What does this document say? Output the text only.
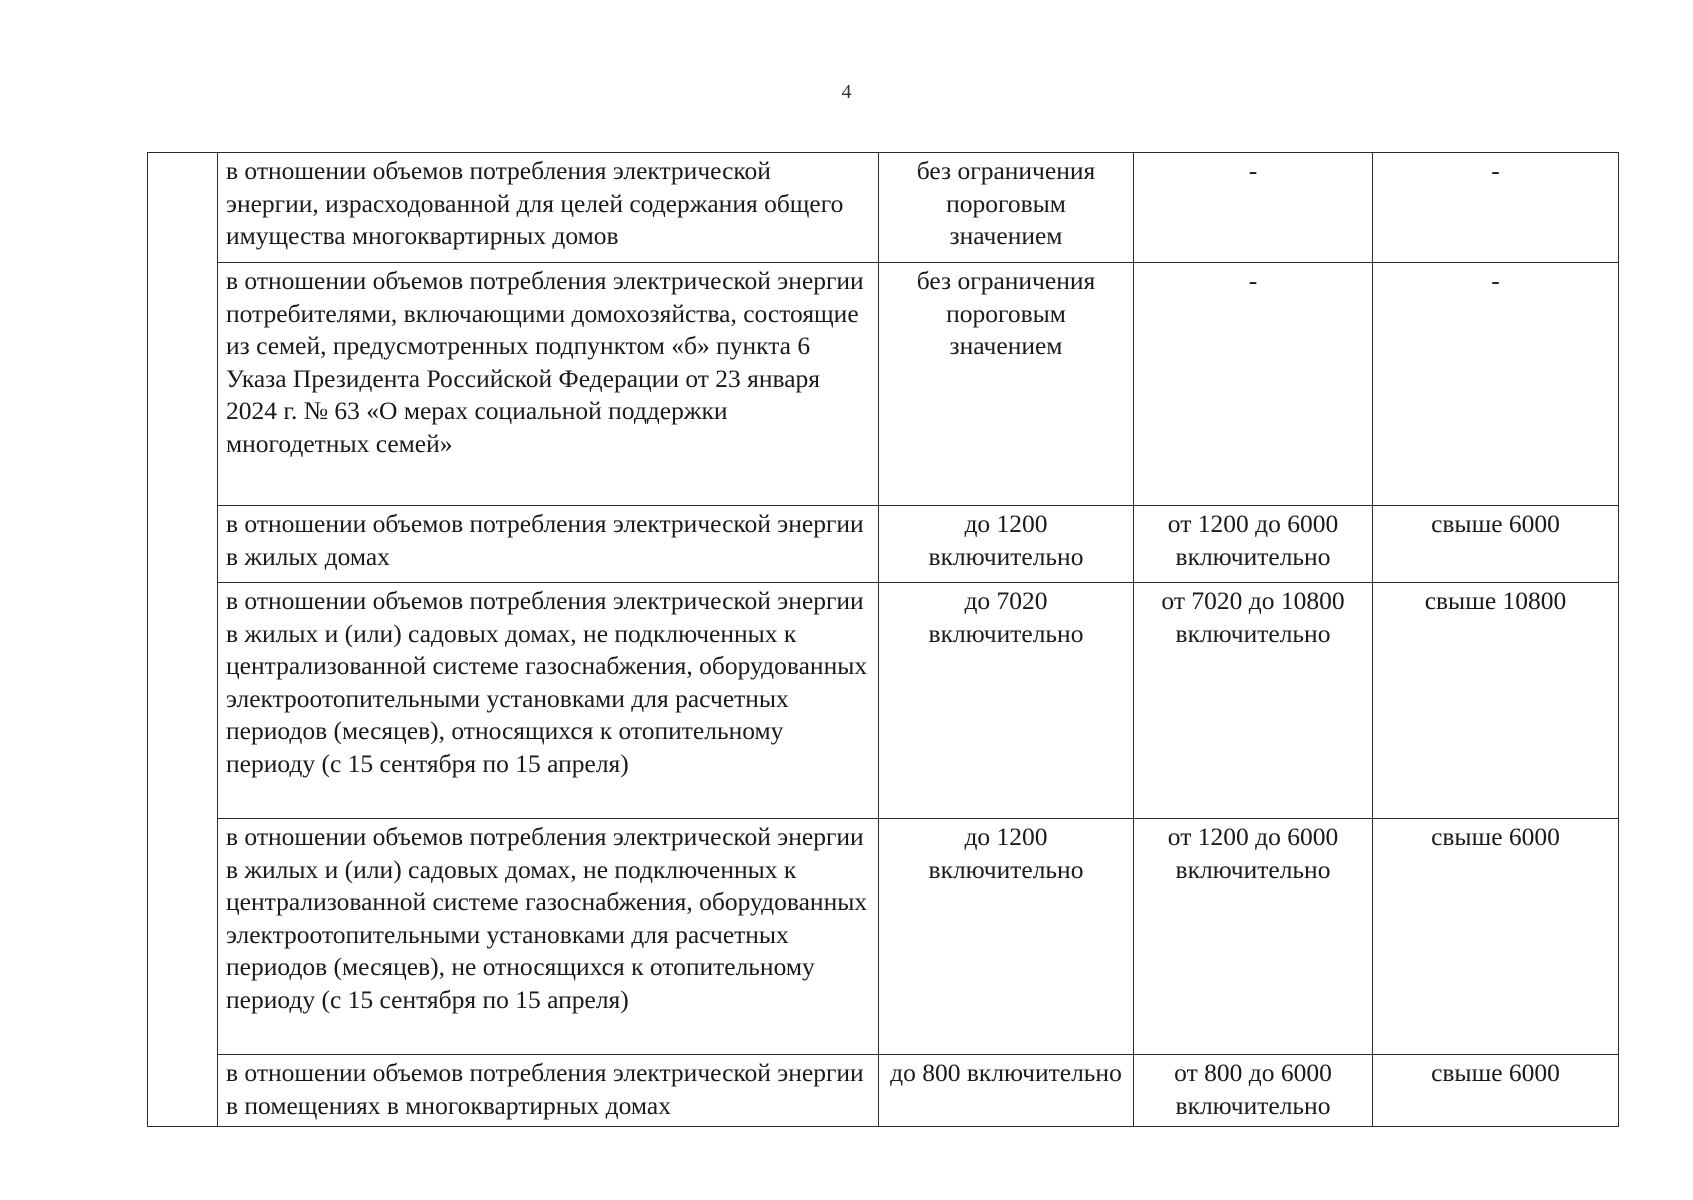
4
	в отношении объемов потребления электрической энергии, израсходованной для целей содержания общего имущества многоквартирных домов	без ограничения пороговым значением	-	-
	в отношении объемов потребления электрической энергии потребителями, включающими домохозяйства, состоящие из семей, предусмотренных подпунктом «б» пункта 6 Указа Президента Российской Федерации от 23 января 2024 г. № 63 «О мерах социальной поддержки многодетных семей»	без ограничения пороговым значением	-	-
	в отношении объемов потребления электрической энергии в жилых домах	до 1200 включительно	от 1200 до 6000 включительно	свыше 6000
	в отношении объемов потребления электрической энергии в жилых и (или) садовых домах, не подключенных к централизованной системе газоснабжения, оборудованных электроотопительными установками для расчетных периодов (месяцев), относящихся к отопительному периоду (с 15 сентября по 15 апреля)	до 7020 включительно	от 7020 до 10800 включительно	свыше 10800
	в отношении объемов потребления электрической энергии в жилых и (или) садовых домах, не подключенных к централизованной системе газоснабжения, оборудованных электроотопительными установками для расчетных периодов (месяцев), не относящихся к отопительному периоду (с 15 сентября по 15 апреля)	до 1200 включительно	от 1200 до 6000 включительно	свыше 6000
	в отношении объемов потребления электрической энергии в помещениях в многоквартирных домах	до 800 включительно	от 800 до 6000 включительно	свыше 6000
